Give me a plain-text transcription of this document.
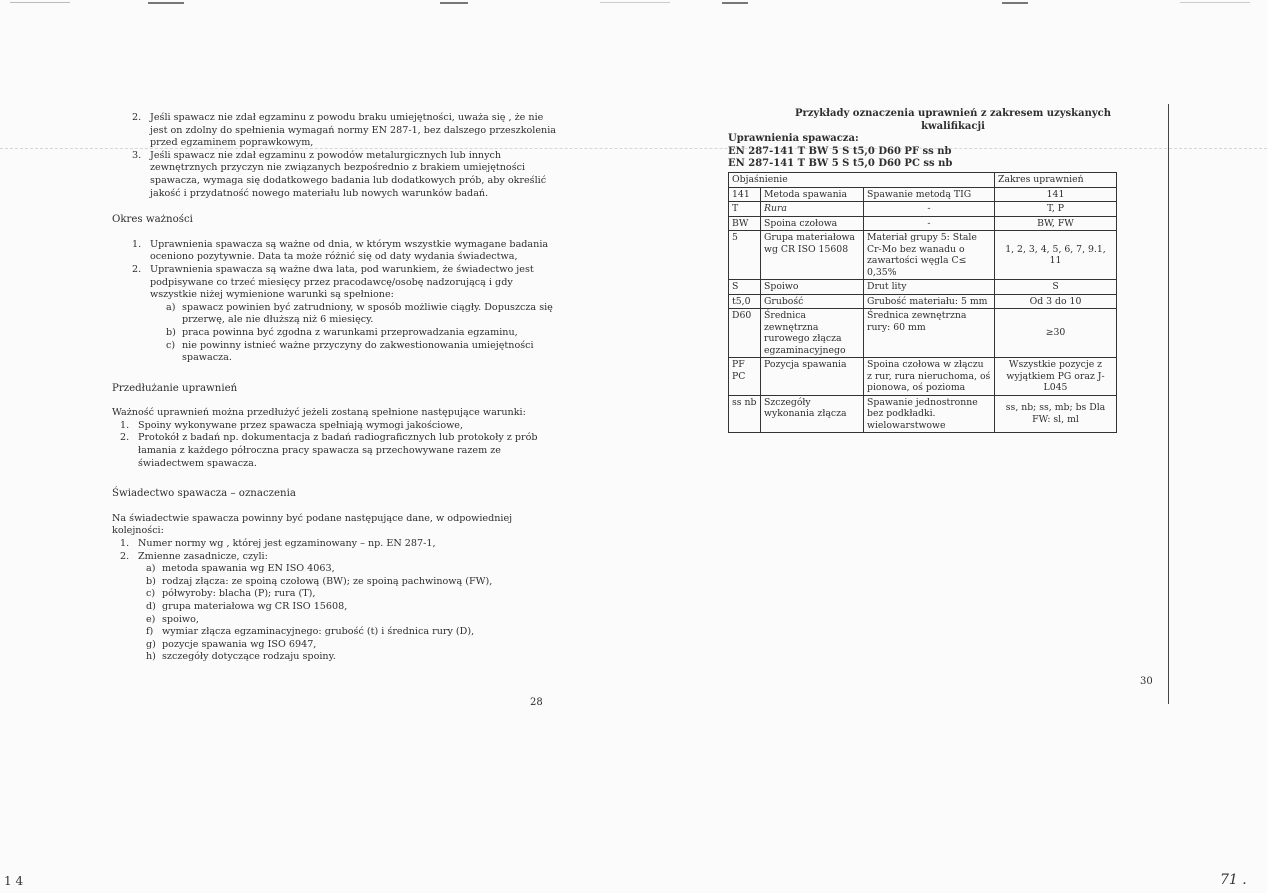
2. Jeśli spawacz nie zdał egzaminu z powodu braku umiejętności, uważa się , że nie
jest on zdolny do spełnienia wymagań normy EN 287-1, bez dalszego przeszkolenia
przed egzaminem poprawkowym,
3. Jeśli spawacz nie zdał egzaminu z powodów metalurgicznych lub innych
zewnętrznych przyczyn nie związanych bezpośrednio z brakiem umiejętności
spawacza, wymaga się dodatkowego badania lub dodatkowych prób, aby określić
jakość i przydatność nowego materiału lub nowych warunków badań.
Okres ważności
1. Uprawnienia spawacza są ważne od dnia, w którym wszystkie wymagane badania
oceniono pozytywnie. Data ta może różnić się od daty wydania świadectwa,
2. Uprawnienia spawacza są ważne dwa lata, pod warunkiem, że świadectwo jest
podpisywane co trzeć miesięcy przez pracodawcę/osobę nadzorującą i gdy
wszystkie niżej wymienione warunki są spełnione:
a) spawacz powinien być zatrudniony, w sposób możliwie ciągły. Dopuszcza się
przerwę, ale nie dłuższą niż 6 miesięcy.
b) praca powinna być zgodna z warunkami przeprowadzania egzaminu,
c) nie powinny istnieć ważne przyczyny do zakwestionowania umiejętności
spawacza.
Przedłużanie uprawnień
Ważność uprawnień można przedłużyć jeżeli zostaną spełnione następujące warunki:
1. Spoiny wykonywane przez spawacza spełniają wymogi jakościowe,
2. Protokół z badań np. dokumentacja z badań radiograficznych lub protokoły z prób
łamania z każdego półroczna pracy spawacza są przechowywane razem ze
świadectwem spawacza.
Świadectwo spawacza – oznaczenia
Na świadectwie spawacza powinny być podane następujące dane, w odpowiedniej
kolejności:
1. Numer normy wg , której jest egzaminowany – np. EN 287-1,
2. Zmienne zasadnicze, czyli:
a) metoda spawania wg EN ISO 4063,
b) rodzaj złącza: ze spoiną czołową (BW); ze spoiną pachwinową (FW),
c) półwyroby: blacha (P); rura (T),
d) grupa materiałowa wg CR ISO 15608,
e) spoiwo,
f) wymiar złącza egzaminacyjnego: grubość (t) i średnica rury (D),
g) pozycje spawania wg ISO 6947,
h) szczegóły dotyczące rodzaju spoiny.
28
Przykłady oznaczenia uprawnień z zakresem uzyskanych kwalifikacji
Uprawnienia spawacza:
EN 287-141 T BW 5 S t5,0 D60 PF ss nb
EN 287-141 T BW 5 S t5,0 D60 PC ss nb
Objaśnienie			Zakres uprawnień
141	Metoda spawania	Spawanie metodą TIG	141
T	Rura	-	T, P
BW	Spoina czołowa	-	BW, FW
5	Grupa materiałowa wg CR ISO 15608	Materiał grupy 5: Stale Cr-Mo bez wanadu o zawartości węgla C≤ 0,35%	1, 2, 3, 4, 5, 6, 7, 9.1, 11
S	Spoiwo	Drut lity	S
t5,0	Grubość	Grubość materiału: 5 mm	Od 3 do 10
D60	Średnica zewnętrzna rurowego złącza egzaminacyjnego	Średnica zewnętrzna rury: 60 mm	≥30
PF PC	Pozycja spawania	Spoina czołowa w złączu z rur, rura nieruchoma, oś pionowa, oś pozioma	Wszystkie pozycje z wyjątkiem PG oraz J-L045
ss nb	Szczegóły wykonania złącza	Spawanie jednostronne bez podkładki. wielowarstwowe	ss, nb; ss, mb; bs Dla FW: sl, ml
30
1 4	71 .
